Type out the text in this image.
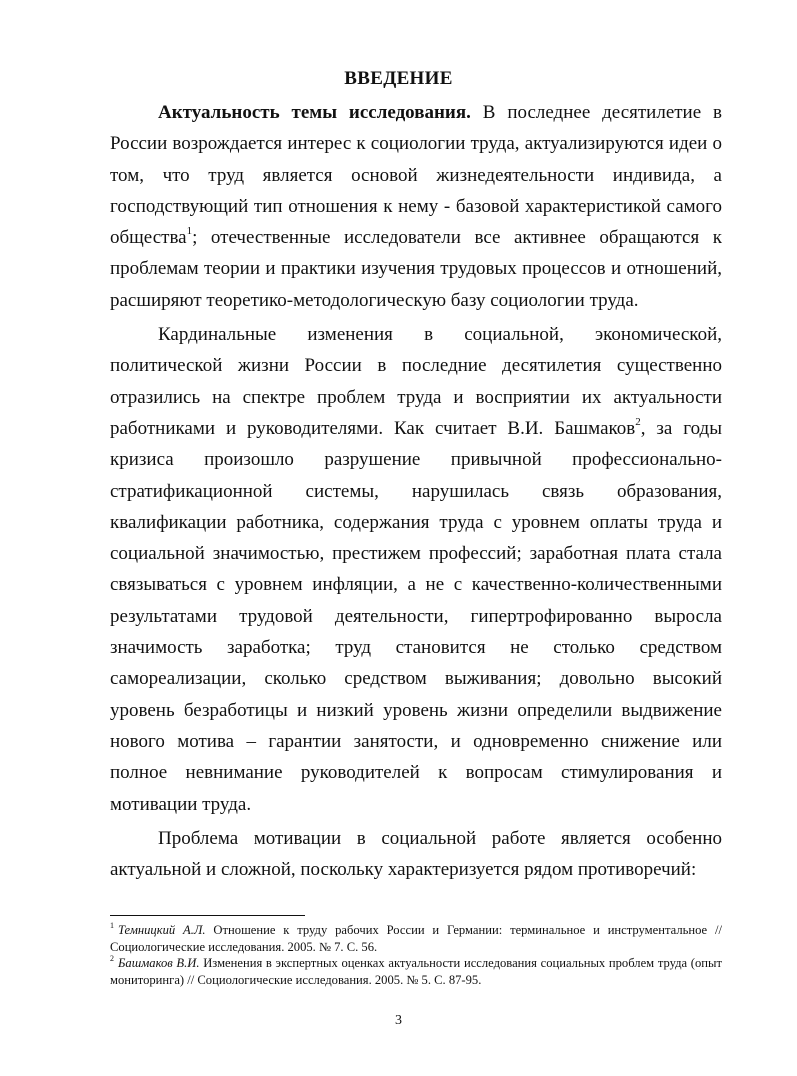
ВВЕДЕНИЕ

Актуальность темы исследования. В последнее десятилетие в России возрождается интерес к социологии труда, актуализируются идеи о том, что труд является основой жизнедеятельности индивида, а господствующий тип отношения к нему - базовой характеристикой самого общества$^1$; отечественные исследователи все активнее обращаются к проблемам теории и практики изучения трудовых процессов и отношений, расширяют теоретико-методологическую базу социологии труда.

Кардинальные изменения в социальной, экономической, политической жизни России в последние десятилетия существенно отразились на спектре проблем труда и восприятии их актуальности работниками и руководителями. Как считает В.И. Башмаков$^2$, за годы кризиса произошло разрушение привычной профессионально-стратификационной системы, нарушилась связь образования, квалификации работника, содержания труда с уровнем оплаты труда и социальной значимостью, престижем профессий; заработная плата стала связываться с уровнем инфляции, а не с качественно-количественными результатами трудовой деятельности, гипертрофированно выросла значимость заработка; труд становится не столько средством самореализации, сколько средством выживания; довольно высокий уровень безработицы и низкий уровень жизни определили выдвижение нового мотива – гарантии занятости, и одновременно снижение или полное невнимание руководителей к вопросам стимулирования и мотивации труда.

Проблема мотивации в социальной работе является особенно актуальной и сложной, поскольку характеризуется рядом противоречий:

$^1$ Темницкий А.Л. Отношение к труду рабочих России и Германии: терминальное и инструментальное // Социологические исследования. 2005. № 7. С. 56.

$^2$ Башмаков В.И. Изменения в экспертных оценках актуальности исследования социальных проблем труда (опыт мониторинга) // Социологические исследования. 2005. № 5. С. 87-95.

3
